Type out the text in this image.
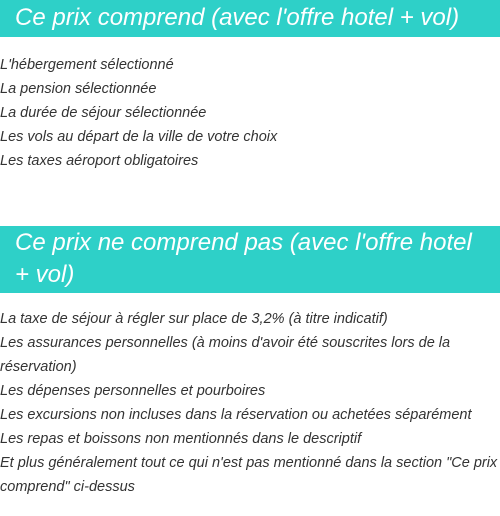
Ce prix comprend (avec l'offre hotel + vol)
L'hébergement sélectionné
La pension sélectionnée
La durée de séjour sélectionnée
Les vols au départ de la ville de votre choix
Les taxes aéroport obligatoires
Ce prix ne comprend pas (avec l'offre hotel + vol)
La taxe de séjour à régler sur place de 3,2% (à titre indicatif)
Les assurances personnelles (à moins d'avoir été souscrites lors de la réservation)
Les dépenses personnelles et pourboires
Les excursions non incluses dans la réservation ou achetées séparément
Les repas et boissons non mentionnés dans le descriptif
Et plus généralement tout ce qui n'est pas mentionné dans la section "Ce prix comprend" ci-dessus
